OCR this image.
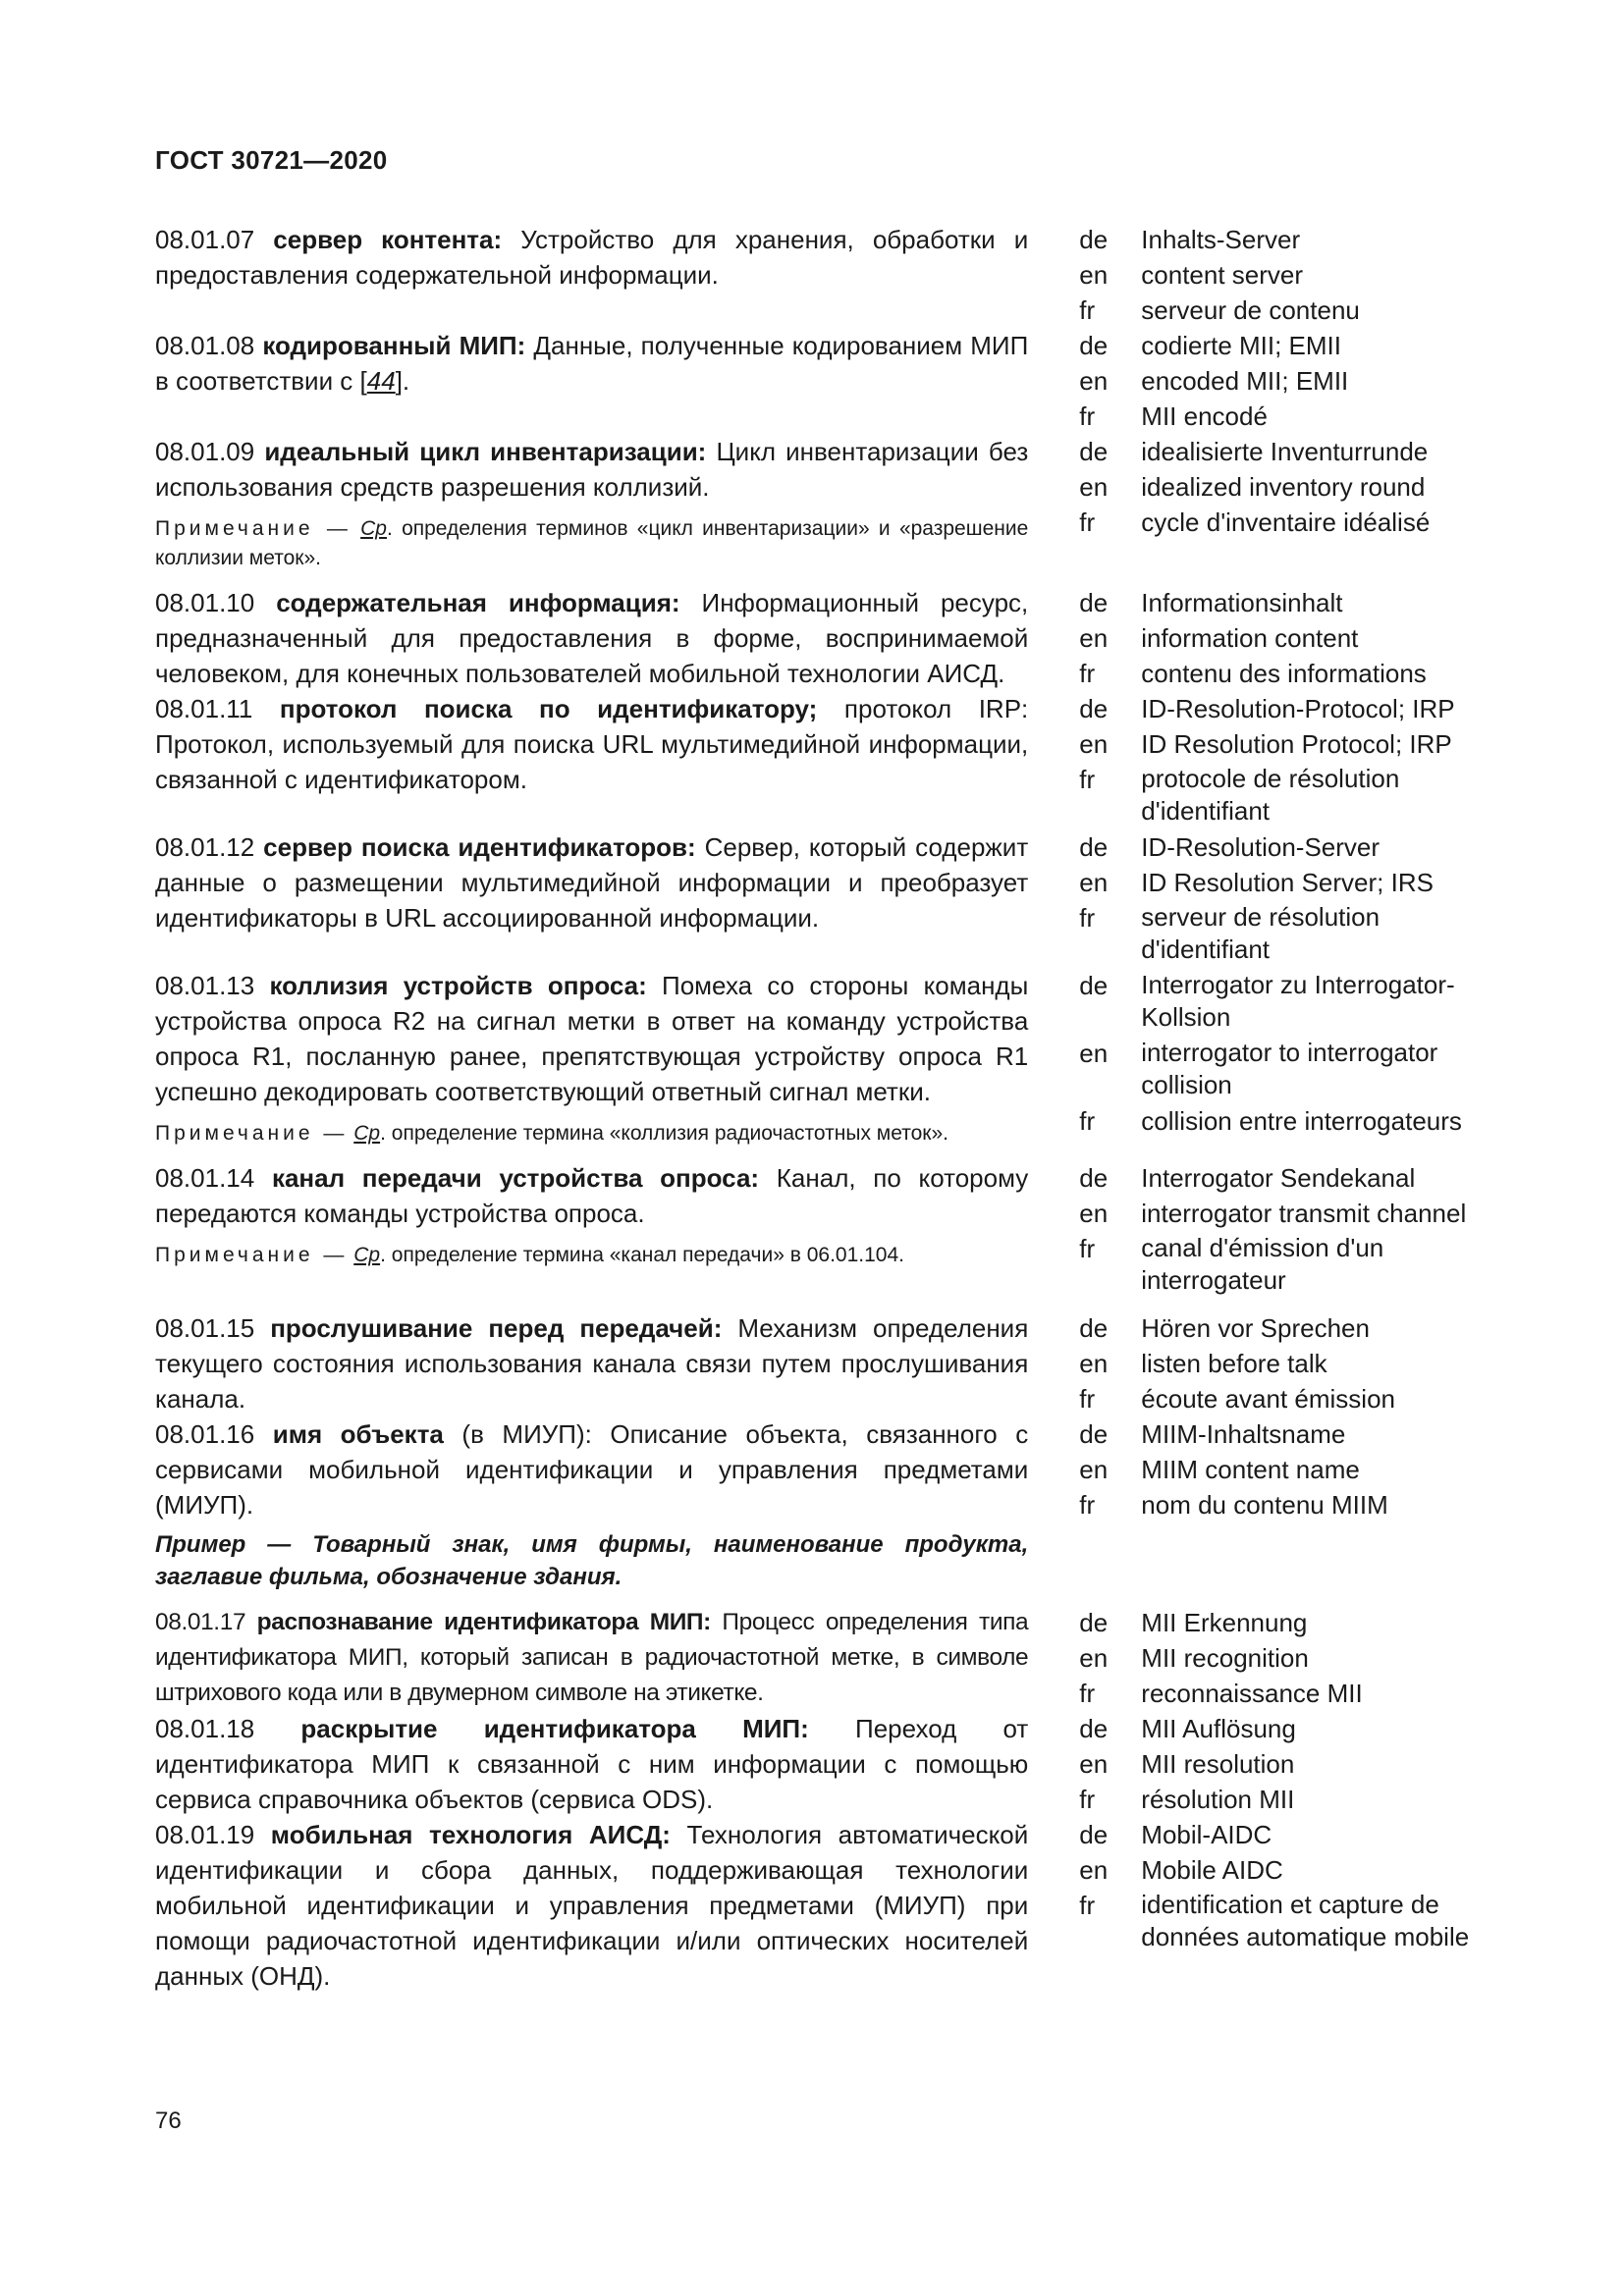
ГОСТ 30721—2020

08.01.07 сервер контента: Устройство для хранения, обработки и предоставления содержательной информации.

de	Inhalts-Server
en	content server
fr	serveur de contenu

08.01.08 кодированный МИП: Данные, полученные кодированием МИП в соответствии с [44].

de	codierte MII; EMII
en	encoded MII; EMII
fr	MII encodé

08.01.09 идеальный цикл инвентаризации: Цикл инвентаризации без использования средств разрешения коллизий.

Примечание — Ср. определения терминов «цикл инвентаризации» и «разрешение коллизии меток».

de	idealisierte Inventurrunde
en	idealized inventory round
fr	cycle d'inventaire idéalisé

08.01.10 содержательная информация: Информационный ресурс, предназначенный для предоставления в форме, воспринимаемой человеком, для конечных пользователей мобильной технологии АИСД.

de	Informationsinhalt
en	information content
fr	contenu des informations

08.01.11 протокол поиска по идентификатору; протокол IRP: Протокол, используемый для поиска URL мультимедийной информации, связанной с идентификатором.

de	ID-Resolution-Protocol; IRP
en	ID Resolution Protocol; IRP
fr	protocole de résolution d'identifiant

08.01.12 сервер поиска идентификаторов: Сервер, который содержит данные о размещении мультимедийной информации и преобразует идентификаторы в URL ассоциированной информации.

de	ID-Resolution-Server
en	ID Resolution Server; IRS
fr	serveur de résolution d'identifiant

08.01.13 коллизия устройств опроса: Помеха со стороны команды устройства опроса R2 на сигнал метки в ответ на команду устройства опроса R1, посланную ранее, препятствующая устройству опроса R1 успешно декодировать соответствующий ответный сигнал метки.

Примечание — Ср. определение термина «коллизия радиочастотных меток».

de	Interrogator zu Interrogator-Kollsion
en	interrogator to interrogator collision
fr	collision entre interrogateurs

08.01.14 канал передачи устройства опроса: Канал, по которому передаются команды устройства опроса.

Примечание — Ср. определение термина «канал передачи» в 06.01.104.

de	Interrogator Sendekanal
en	interrogator transmit channel
fr	canal d'émission d'un interrogateur

08.01.15 прослушивание перед передачей: Механизм определения текущего состояния использования канала связи путем прослушивания канала.

de	Hören vor Sprechen
en	listen before talk
fr	écoute avant émission

08.01.16 имя объекта (в МИУП): Описание объекта, связанного с сервисами мобильной идентификации и управления предметами (МИУП).

Пример — Товарный знак, имя фирмы, наименование продукта, заглавие фильма, обозначение здания.

de	MIIM-Inhaltsname
en	MIIM content name
fr	nom du contenu MIIM

08.01.17 распознавание идентификатора МИП: Процесс определения типа идентификатора МИП, который записан в радиочастотной метке, в символе штрихового кода или в двумерном символе на этикетке.

de	MII Erkennung
en	MII recognition
fr	reconnaissance MII

08.01.18 раскрытие идентификатора МИП: Переход от идентификатора МИП к связанной с ним информации с помощью сервиса справочника объектов (сервиса ODS).

de	MII Auflösung
en	MII resolution
fr	résolution MII

08.01.19 мобильная технология АИСД: Технология автоматической идентификации и сбора данных, поддерживающая технологии мобильной идентификации и управления предметами (МИУП) при помощи радиочастотной идентификации и/или оптических носителей данных (ОНД).

de	Mobil-AIDC
en	Mobile AIDC
fr	identification et capture de données automatique mobile
76
